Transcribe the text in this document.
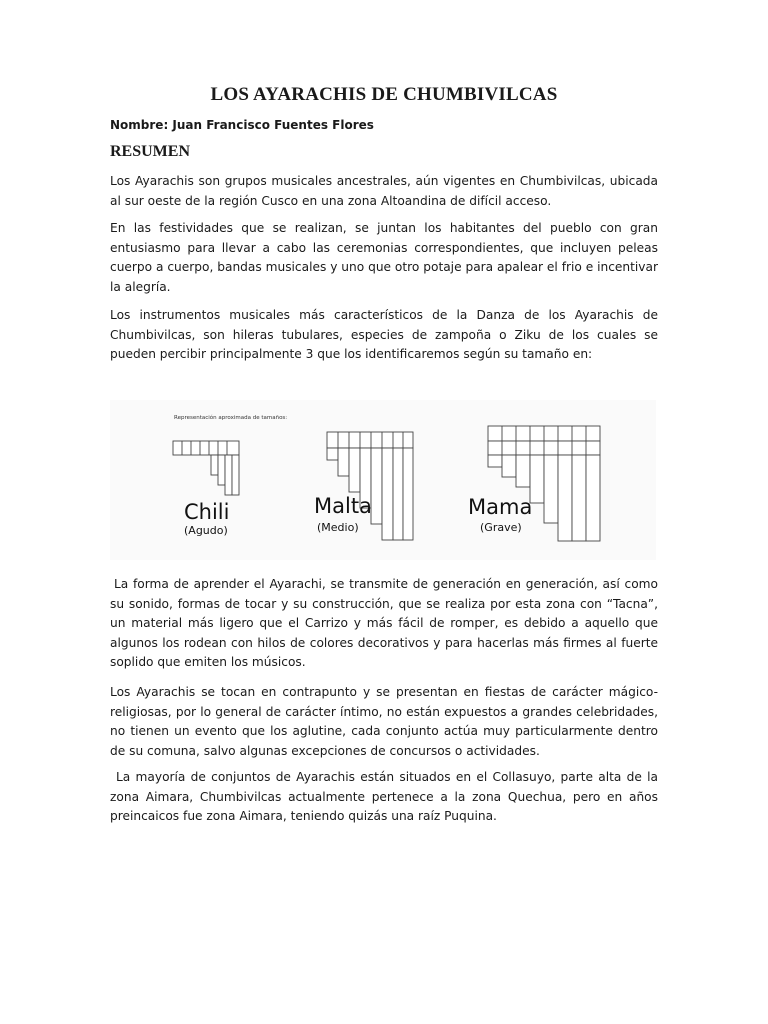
LOS AYARACHIS DE CHUMBIVILCAS
Nombre: Juan Francisco Fuentes Flores
RESUMEN

Los Ayarachis son grupos musicales ancestrales, aún vigentes en Chumbivilcas, ubicada al sur oeste de la región Cusco en una zona Altoandina de difícil acceso.

En las festividades que se realizan, se juntan los habitantes del pueblo con gran entusiasmo para llevar a cabo las ceremonias correspondientes, que incluyen peleas cuerpo a cuerpo, bandas musicales y uno que otro potaje para apalear el frio e incentivar la alegría.

Los instrumentos musicales más característicos de la Danza de los Ayarachis de Chumbivilcas, son hileras tubulares, especies de zampoña o Ziku de los cuales se pueden percibir principalmente 3 que los identificaremos según su tamaño en:

Representación aproximada de tamaños:
Chili
(Agudo)
Malta
(Medio)
Mama
(Grave)

La forma de aprender el Ayarachi, se transmite de generación en generación, así como su sonido, formas de tocar y su construcción, que se realiza por esta zona con “Tacna”, un material más ligero que el Carrizo y más fácil de romper, es debido a aquello que algunos los rodean con hilos de colores decorativos y para hacerlas más firmes al fuerte soplido que emiten los músicos.

Los Ayarachis se tocan en contrapunto y se presentan en fiestas de carácter mágico-religiosas, por lo general de carácter íntimo, no están expuestos a grandes celebridades, no tienen un evento que los aglutine, cada conjunto actúa muy particularmente dentro de su comuna, salvo algunas excepciones de concursos o actividades.

La mayoría de conjuntos de Ayarachis están situados en el Collasuyo, parte alta de la zona Aimara, Chumbivilcas actualmente pertenece a la zona Quechua, pero en años preincaicos fue zona Aimara, teniendo quizás una raíz Puquina.
